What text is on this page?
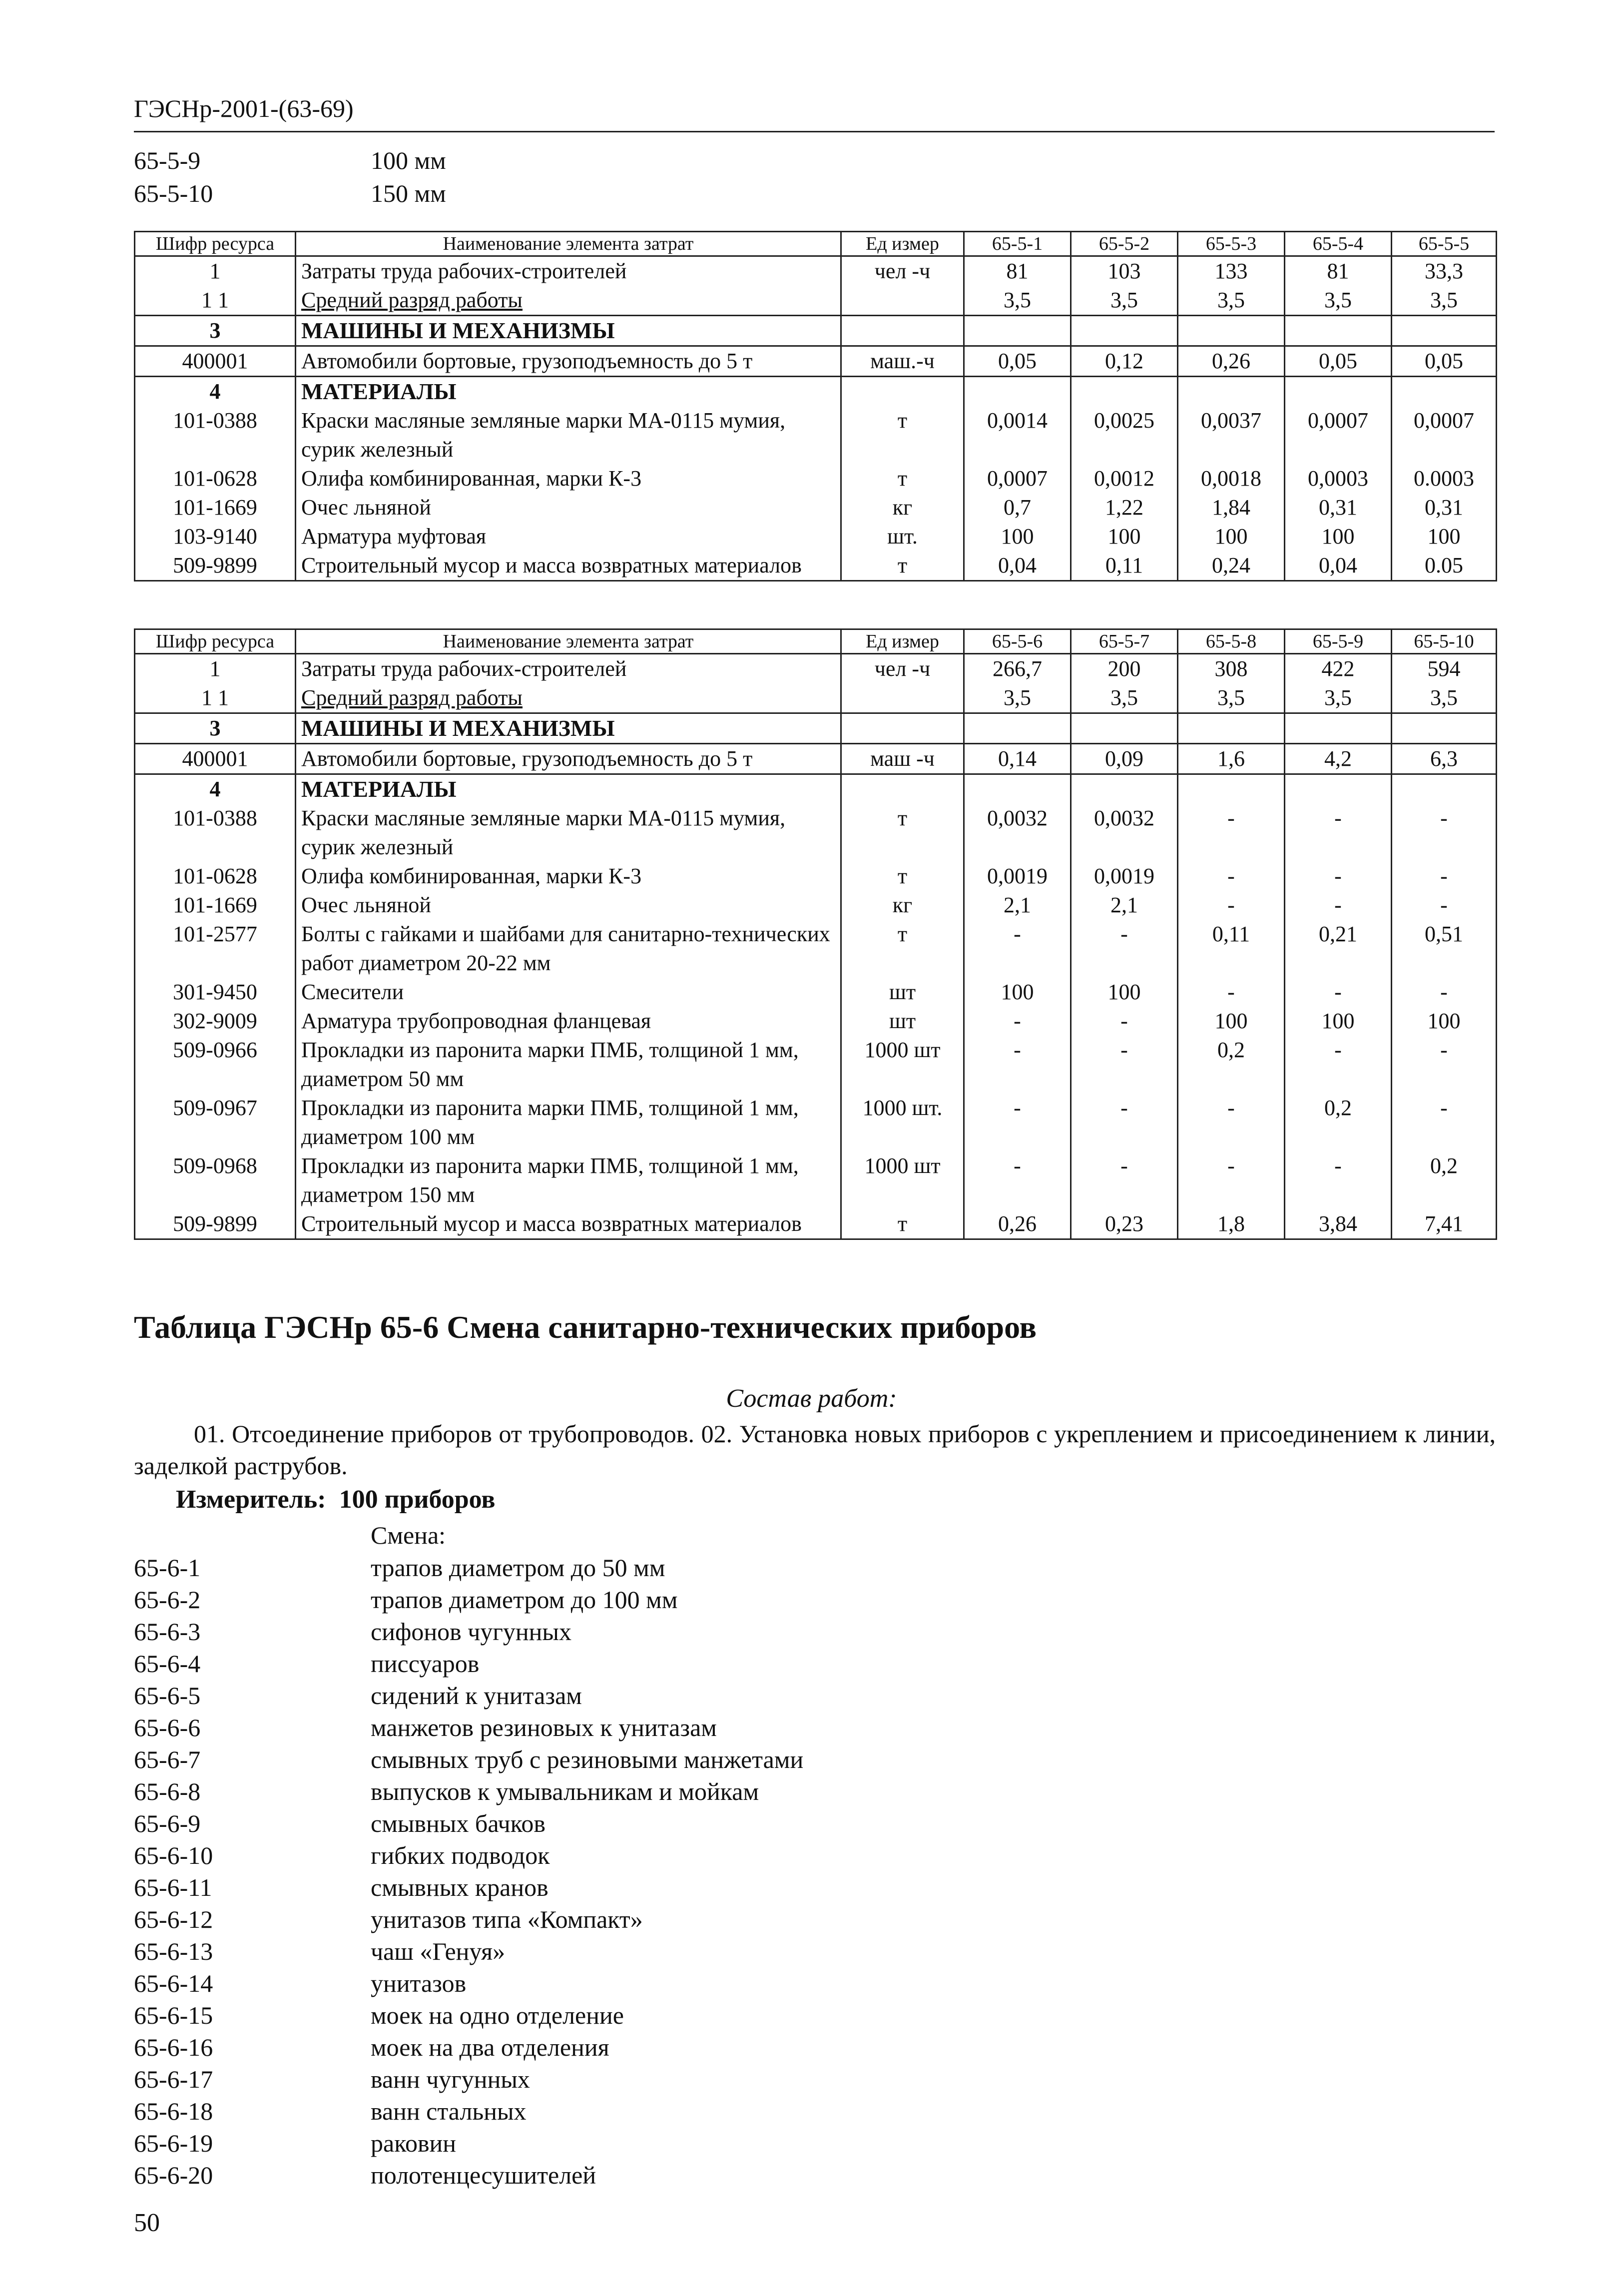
ГЭСНр-2001-(63-69)
65-5-9	100 мм
65-5-10	150 мм
Шифр ресурса	Наименование элемента затрат	Ед измер	65-5-1	65-5-2	65-5-3	65-5-4	65-5-5
1	Затраты труда рабочих-строителей	чел -ч	81	103	133	81	33,3
1 1	Средний разряд работы		3,5	3,5	3,5	3,5	3,5
3	МАШИНЫ И МЕХАНИЗМЫ						
400001	Автомобили бортовые, грузоподъемность до 5 т	маш.-ч	0,05	0,12	0,26	0,05	0,05
4	МАТЕРИАЛЫ						
101-0388	Краски масляные земляные марки МА-0115 мумия, сурик железный	т	0,0014	0,0025	0,0037	0,0007	0,0007
101-0628	Олифа комбинированная, марки К-3	т	0,0007	0,0012	0,0018	0,0003	0.0003
101-1669	Очес льняной	кг	0,7	1,22	1,84	0,31	0,31
103-9140	Арматура муфтовая	шт.	100	100	100	100	100
509-9899	Строительный мусор и масса возвратных материалов	т	0,04	0,11	0,24	0,04	0.05
Шифр ресурса	Наименование элемента затрат	Ед измер	65-5-6	65-5-7	65-5-8	65-5-9	65-5-10
1	Затраты труда рабочих-строителей	чел -ч	266,7	200	308	422	594
1 1	Средний разряд работы		3,5	3,5	3,5	3,5	3,5
3	МАШИНЫ И МЕХАНИЗМЫ						
400001	Автомобили бортовые, грузоподъемность до 5 т	маш -ч	0,14	0,09	1,6	4,2	6,3
4	МАТЕРИАЛЫ						
101-0388	Краски масляные земляные марки МА-0115 мумия, сурик железный	т	0,0032	0,0032	-	-	-
101-0628	Олифа комбинированная, марки К-3	т	0,0019	0,0019	-	-	-
101-1669	Очес льняной	кг	2,1	2,1	-	-	-
101-2577	Болты с гайками и шайбами для санитарно-технических работ диаметром 20-22 мм	т	-	-	0,11	0,21	0,51
301-9450	Смесители	шт	100	100	-	-	-
302-9009	Арматура трубопроводная фланцевая	шт	-	-	100	100	100
509-0966	Прокладки из паронита марки ПМБ, толщиной 1 мм, диаметром 50 мм	1000 шт	-	-	0,2	-	-
509-0967	Прокладки из паронита марки ПМБ, толщиной 1 мм, диаметром 100 мм	1000 шт.	-	-	-	0,2	-
509-0968	Прокладки из паронита марки ПМБ, толщиной 1 мм, диаметром 150 мм	1000 шт	-	-	-	-	0,2
509-9899	Строительный мусор и масса возвратных материалов	т	0,26	0,23	1,8	3,84	7,41
Таблица ГЭСНр 65-6 Смена санитарно-технических приборов
Состав работ:
01. Отсоединение приборов от трубопроводов. 02. Установка новых приборов с укреплением и присоединением к линии, заделкой раструбов.
Измеритель: 100 приборов
Смена:
65-6-1	трапов диаметром до 50 мм
65-6-2	трапов диаметром до 100 мм
65-6-3	сифонов чугунных
65-6-4	писсуаров
65-6-5	сидений к унитазам
65-6-6	манжетов резиновых к унитазам
65-6-7	смывных труб с резиновыми манжетами
65-6-8	выпусков к умывальникам и мойкам
65-6-9	смывных бачков
65-6-10	гибких подводок
65-6-11	смывных кранов
65-6-12	унитазов типа «Компакт»
65-6-13	чаш «Генуя»
65-6-14	унитазов
65-6-15	моек на одно отделение
65-6-16	моек на два отделения
65-6-17	ванн чугунных
65-6-18	ванн стальных
65-6-19	раковин
65-6-20	полотенцесушителей
50
